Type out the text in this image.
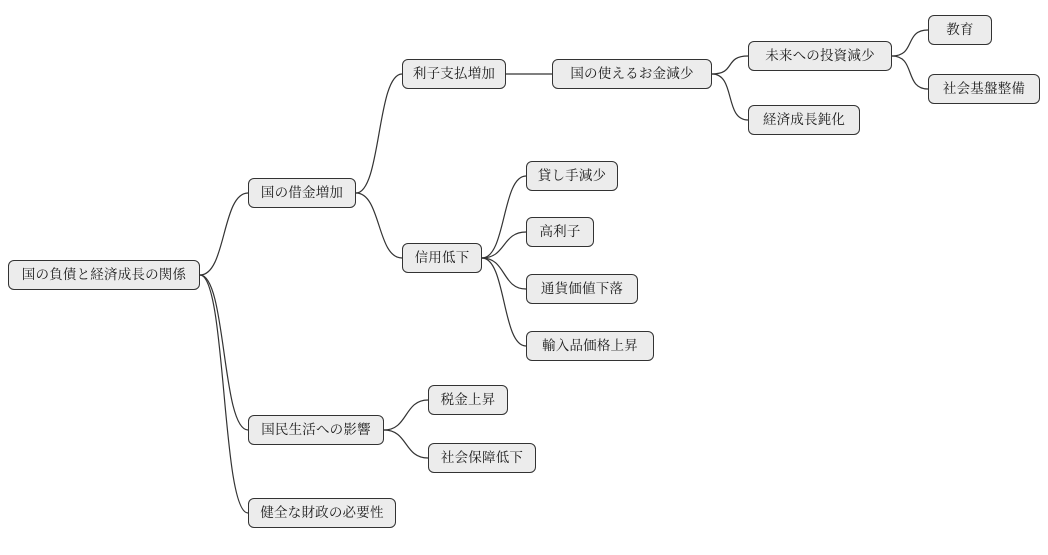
国の負債と経済成長の関係
国の借金増加
利子支払増加	国の使えるお金減少
未来への投資減少
教育
社会基盤整備
経済成長鈍化
信用低下
貸し手減少
高利子
通貨価値下落
輸入品価格上昇
国民生活への影響
税金上昇
社会保障低下
健全な財政の必要性
